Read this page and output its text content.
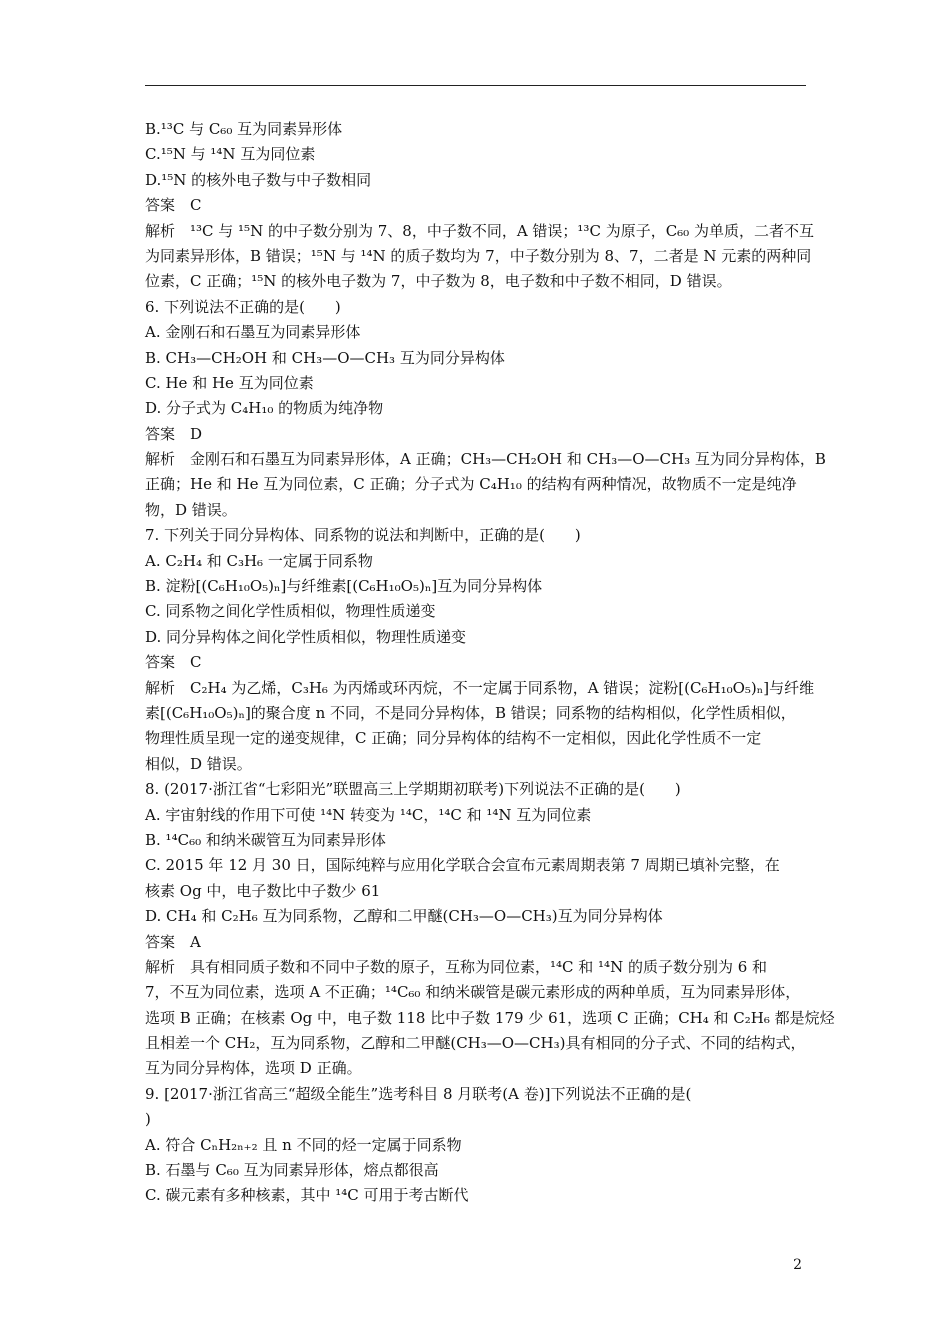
B.¹³C 与 C₆₀ 互为同素异形体
C.¹⁵N 与 ¹⁴N 互为同位素
D.¹⁵N 的核外电子数与中子数相同
答案　C
解析　¹³C 与 ¹⁵N 的中子数分别为 7、8，中子数不同，A 错误；¹³C 为原子，C₆₀ 为单质，二者不互
为同素异形体，B 错误；¹⁵N 与 ¹⁴N 的质子数均为 7，中子数分别为 8、7，二者是 N 元素的两种同
位素，C 正确；¹⁵N 的核外电子数为 7，中子数为 8，电子数和中子数不相同，D 错误。
6. 下列说法不正确的是(　　)
A. 金刚石和石墨互为同素异形体
B. CH₃—CH₂OH 和 CH₃—O—CH₃ 互为同分异构体
C. He 和 He 互为同位素
D. 分子式为 C₄H₁₀ 的物质为纯净物
答案　D
解析　金刚石和石墨互为同素异形体，A 正确；CH₃—CH₂OH 和 CH₃—O—CH₃ 互为同分异构体，B
正确；He 和 He 互为同位素，C 正确；分子式为 C₄H₁₀ 的结构有两种情况，故物质不一定是纯净
物，D 错误。
7. 下列关于同分异构体、同系物的说法和判断中，正确的是(　　)
A. C₂H₄ 和 C₃H₆ 一定属于同系物
B. 淀粉[(C₆H₁₀O₅)ₙ]与纤维素[(C₆H₁₀O₅)ₙ]互为同分异构体
C. 同系物之间化学性质相似，物理性质递变
D. 同分异构体之间化学性质相似，物理性质递变
答案　C
解析　C₂H₄ 为乙烯，C₃H₆ 为丙烯或环丙烷，不一定属于同系物，A 错误；淀粉[(C₆H₁₀O₅)ₙ]与纤维
素[(C₆H₁₀O₅)ₙ]的聚合度 n 不同，不是同分异构体，B 错误；同系物的结构相似，化学性质相似，
物理性质呈现一定的递变规律，C 正确；同分异构体的结构不一定相似，因此化学性质不一定
相似，D 错误。
8. (2017·浙江省“七彩阳光”联盟高三上学期期初联考)下列说法不正确的是(　　)
A. 宇宙射线的作用下可使 ¹⁴N 转变为 ¹⁴C，¹⁴C 和 ¹⁴N 互为同位素
B. ¹⁴C₆₀ 和纳米碳管互为同素异形体
C. 2015 年 12 月 30 日，国际纯粹与应用化学联合会宣布元素周期表第 7 周期已填补完整，在
核素 Og 中，电子数比中子数少 61
D. CH₄ 和 C₂H₆ 互为同系物，乙醇和二甲醚(CH₃—O—CH₃)互为同分异构体
答案　A
解析　具有相同质子数和不同中子数的原子，互称为同位素，¹⁴C 和 ¹⁴N 的质子数分别为 6 和
7，不互为同位素，选项 A 不正确；¹⁴C₆₀ 和纳米碳管是碳元素形成的两种单质，互为同素异形体，
选项 B 正确；在核素 Og 中，电子数 118 比中子数 179 少 61，选项 C 正确；CH₄ 和 C₂H₆ 都是烷烃
且相差一个 CH₂，互为同系物，乙醇和二甲醚(CH₃—O—CH₃)具有相同的分子式、不同的结构式，
互为同分异构体，选项 D 正确。
9. [2017·浙江省高三“超级全能生”选考科目 8 月联考(A 卷)]下列说法不正确的是(
)
A. 符合 CₙH₂ₙ₊₂ 且 n 不同的烃一定属于同系物
B. 石墨与 C₆₀ 互为同素异形体，熔点都很高
C. 碳元素有多种核素，其中 ¹⁴C 可用于考古断代
2
